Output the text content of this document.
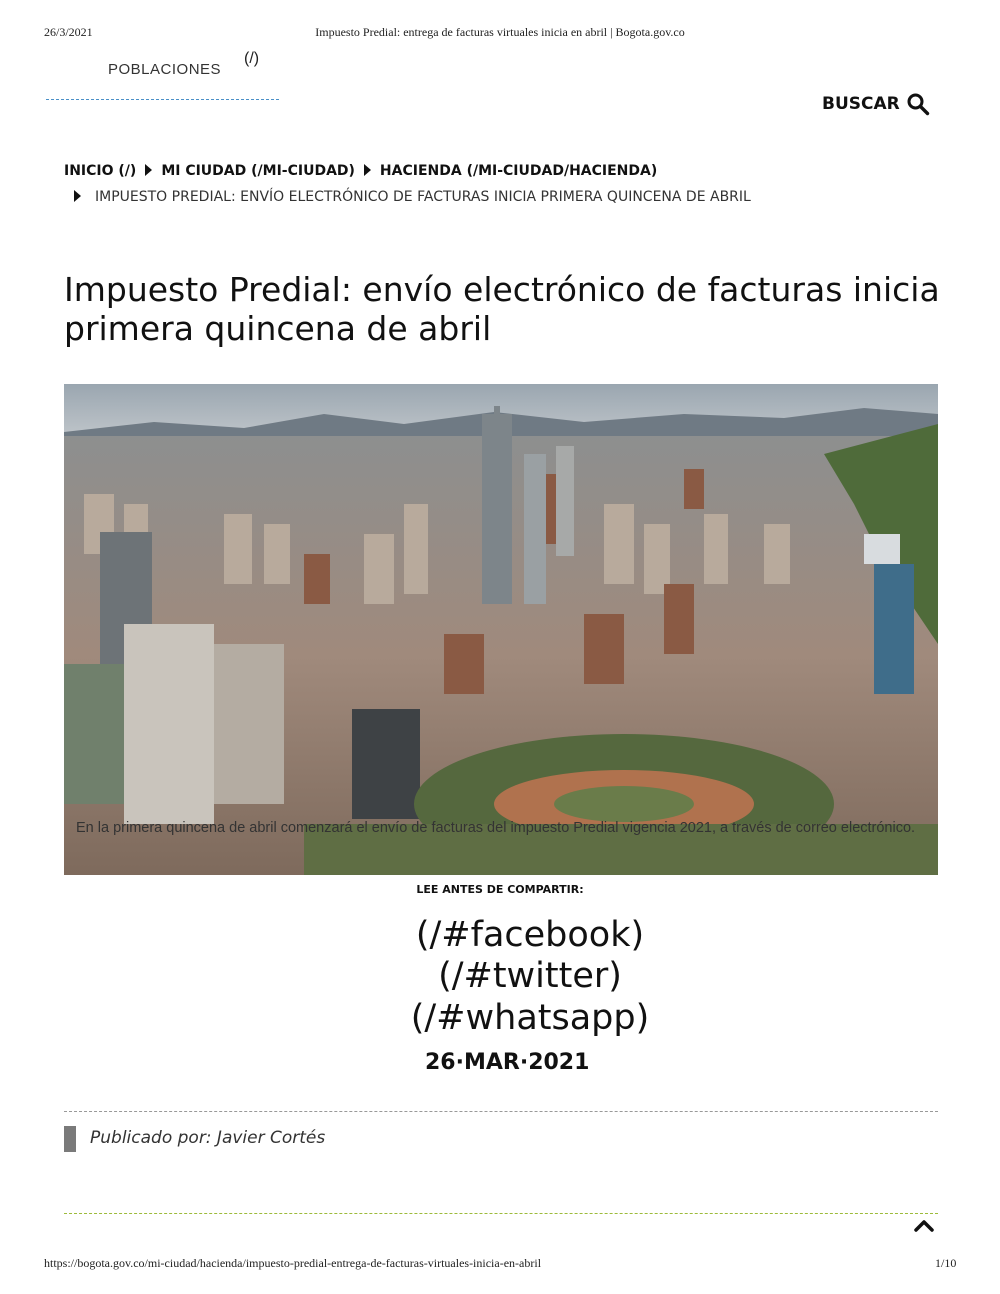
26/3/2021	Impuesto Predial: entrega de facturas virtuales inicia en abril | Bogota.gov.co
POBLACIONES
(/)
BUSCAR
INICIO (/) MI CIUDAD (/MI-CIUDAD) HACIENDA (/MI-CIUDAD/HACIENDA)
IMPUESTO PREDIAL: ENVÍO ELECTRÓNICO DE FACTURAS INICIA PRIMERA QUINCENA DE ABRIL
Impuesto Predial: envío electrónico de facturas inicia primera quincena de abril
En la primera quincena de abril comenzará el envío de facturas del impuesto Predial vigencia 2021, a través de correo electrónico.
LEE ANTES DE COMPARTIR:
(/#facebook)
(/#twitter)
(/#whatsapp)
26·MAR·2021
Publicado por: Javier Cortés
https://bogota.gov.co/mi-ciudad/hacienda/impuesto-predial-entrega-de-facturas-virtuales-inicia-en-abril	1/10
